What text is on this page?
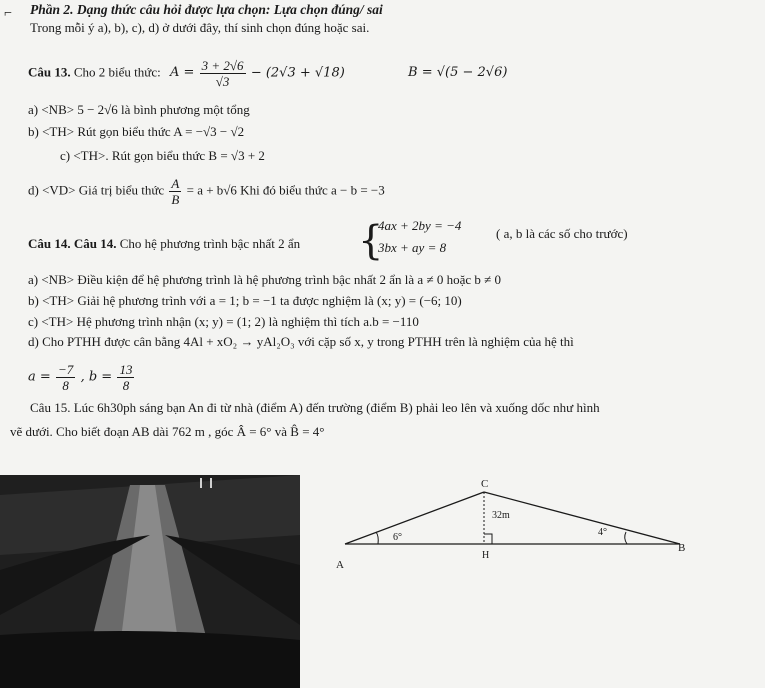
⌐ Phần 2. Dạng thức câu hỏi được lựa chọn: Lựa chọn đúng/ sai
Trong mỗi ý a), b), c), d) ở dưới đây, thí sinh chọn đúng hoặc sai.
Câu 13. Cho 2 biểu thức: $A = \frac{3 + 2√6}{√3} - (2√3 + √18)$	B = √(5 − 2√6)
a) <NB> 5 − 2√6 là bình phương một tổng
b) <TH> Rút gọn biểu thức A = −√3 − √2
c) <TH>. Rút gọn biểu thức B = √3 + 2
d) <VD> Giá trị biểu thức $\frac{A}{B} = a + b√6$ Khi đó biểu thức a − b = −3
Câu 14. Câu 14. Cho hệ phương trình bậc nhất 2 ẩn {
4ax + 2by = −4
3bx + ay = 8
( a, b là các số cho trước)
a) <NB> Điều kiện để hệ phương trình là hệ phương trình bậc nhất 2 ẩn là a ≠ 0 hoặc b ≠ 0
b) <TH> Giải hệ phương trình với a = 1; b = −1 ta được nghiệm là (x; y) = (−6; 10)
c) <TH> Hệ phương trình nhận (x; y) = (1; 2) là nghiệm thì tích a.b = −110
d) Cho PTHH được cân bằng 4Al + xO₂ → yAl₂O₃ với cặp số x, y trong PTHH trên là nghiệm của hệ thì
$a = \frac{-7}{8}$ , $b = \frac{13}{8}$
Câu 15. Lúc 6h30ph sáng bạn An đi từ nhà (điểm A) đến trường (điểm B) phải leo lên và xuống dốc như hình
vẽ dưới. Cho biết đoạn AB dài 762 m , góc Â = 6° và B̂ = 4°
C
A
B
H
6°	4°
32m
